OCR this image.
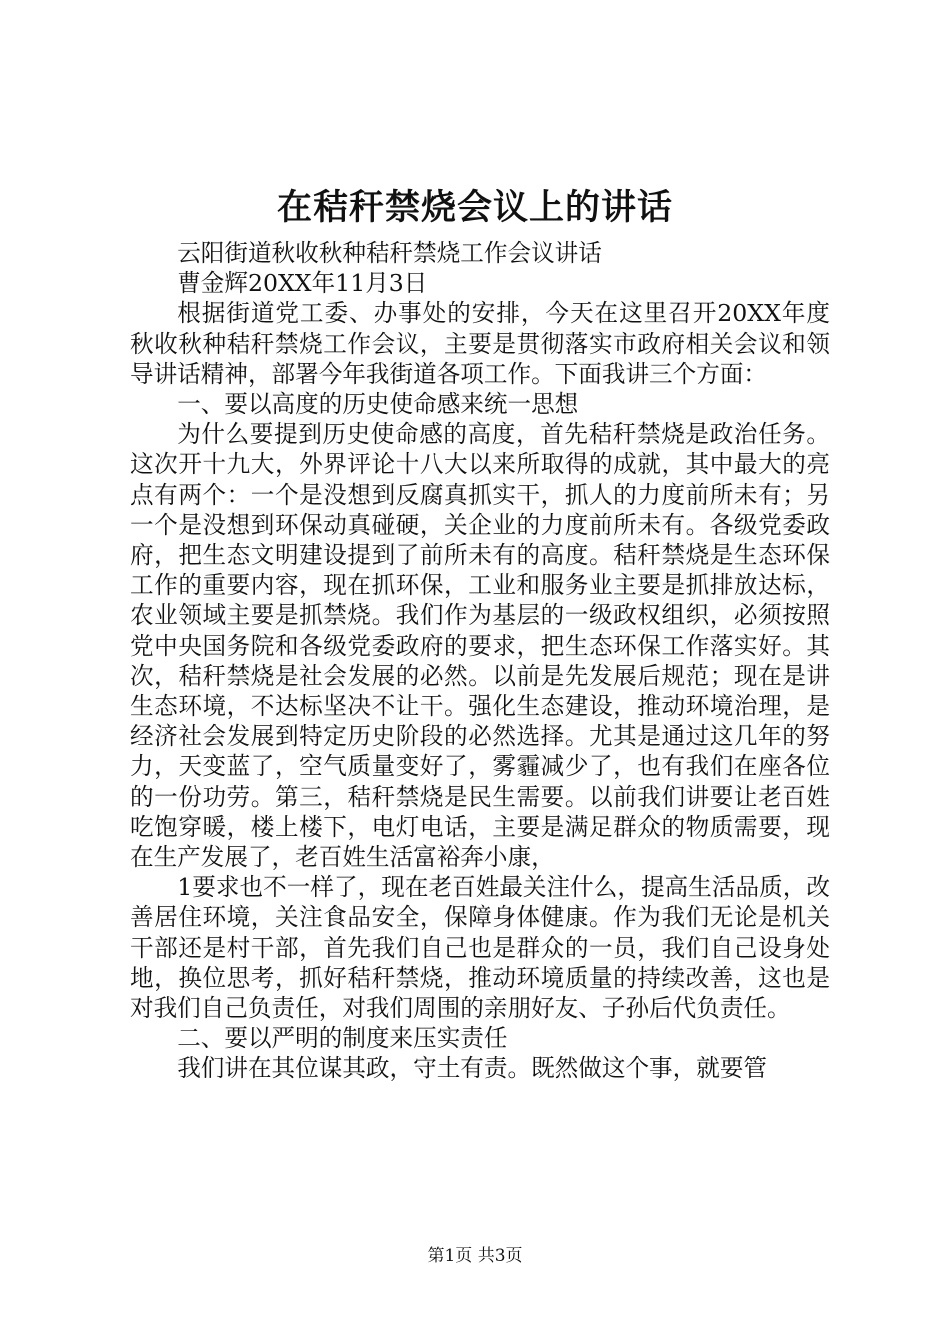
在秸秆禁烧会议上的讲话

云阳街道秋收秋种秸秆禁烧工作会议讲话

曹金辉20XX年11月3日

根据街道党工委、办事处的安排，今天在这里召开20XX年度秋收秋种秸秆禁烧工作会议，主要是贯彻落实市政府相关会议和领导讲话精神，部署今年我街道各项工作。下面我讲三个方面：

一、要以高度的历史使命感来统一思想

为什么要提到历史使命感的高度，首先秸秆禁烧是政治任务。这次开十九大，外界评论十八大以来所取得的成就，其中最大的亮点有两个：一个是没想到反腐真抓实干，抓人的力度前所未有；另一个是没想到环保动真碰硬，关企业的力度前所未有。各级党委政府，把生态文明建设提到了前所未有的高度。秸秆禁烧是生态环保工作的重要内容，现在抓环保，工业和服务业主要是抓排放达标，农业领域主要是抓禁烧。我们作为基层的一级政权组织，必须按照党中央国务院和各级党委政府的要求，把生态环保工作落实好。其次，秸秆禁烧是社会发展的必然。以前是先发展后规范；现在是讲生态环境，不达标坚决不让干。强化生态建设，推动环境治理，是经济社会发展到特定历史阶段的必然选择。尤其是通过这几年的努力，天变蓝了，空气质量变好了，雾霾减少了，也有我们在座各位的一份功劳。第三，秸秆禁烧是民生需要。以前我们讲要让老百姓吃饱穿暖，楼上楼下，电灯电话，主要是满足群众的物质需要，现在生产发展了，老百姓生活富裕奔小康，

1要求也不一样了，现在老百姓最关注什么，提高生活品质，改善居住环境，关注食品安全，保障身体健康。作为我们无论是机关干部还是村干部，首先我们自己也是群众的一员，我们自己设身处地，换位思考，抓好秸秆禁烧，推动环境质量的持续改善，这也是对我们自己负责任，对我们周围的亲朋好友、子孙后代负责任。

二、要以严明的制度来压实责任

我们讲在其位谋其政，守土有责。既然做这个事，就要管

第1页 共3页
